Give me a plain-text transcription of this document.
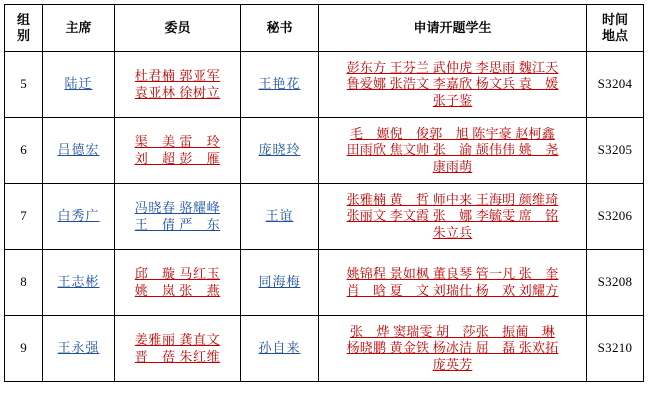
组
别	主席	委员	秘书	申请开题学生	时间
地点

5	陆迁	杜君楠 郭亚军
袁亚林 徐树立	王艳花	彭东方 王芬兰 武仲虎 李思雨 魏江天
鲁爱娜 张浩文 李嘉欣 杨文兵 袁　媛
张子鉴	S3204
6	吕德宏	渠　美 雷　玲
刘　超 彭　雁	庞晓玲	毛　嫄倪　俊郭　旭 陈宇豪 赵柯鑫
田雨欣 焦文帅 张　渝 颉伟伟 姚　尧
康雨萌	S3205
7	白秀广	冯晓春 骆耀峰
王　倩 严　东	王谊	张雅楠 黄　哲 师中来 王海明 颜维琦
张丽文 李文霞 张　娜 李毓雯 席　铭
朱立兵	S3206
8	王志彬	邱　璇 马红玉
姚　岚 张　燕	同海梅	姚锦程 景如枫 董良琴 管一凡 张　奎
肖　晗 夏　文 刘瑞仕 杨　欢 刘耀方	S3208
9	王永强	姜雅丽 龚直文
晋　蓓 朱红维	孙自来	张　烨 窦瑞雯 胡　莎张　振蔺　琳
杨晓鹏 黄金铁 杨冰洁 屈　磊 张欢拓
庞英芳	S3210
